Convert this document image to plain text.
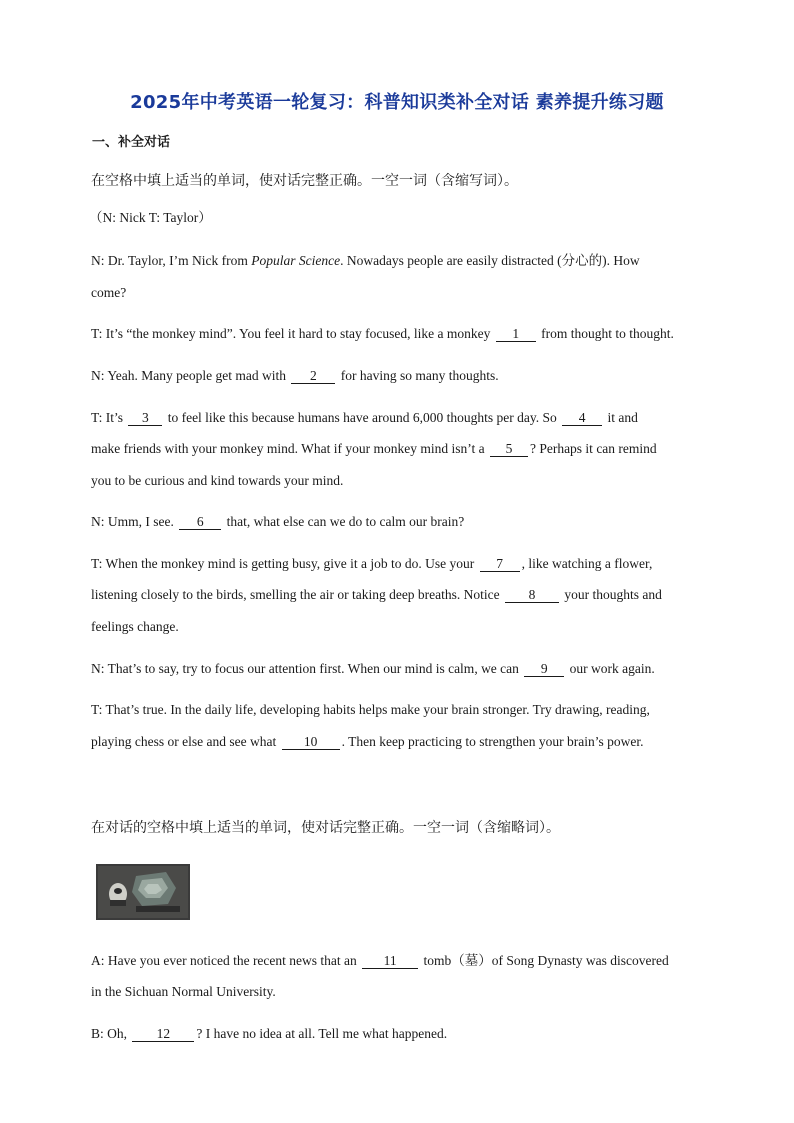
2025年中考英语一轮复习：科普知识类补全对话 素养提升练习题
一、补全对话
在空格中填上适当的单词，使对话完整正确。一空一词（含缩写词）。
（N: Nick T: Taylor）
N: Dr. Taylor, I’m Nick from Popular Science. Nowadays people are easily distracted (分心的). How
come?
T: It’s “the monkey mind”. You feel it hard to stay focused, like a monkey 1 from thought to thought.
N: Yeah. Many people get mad with 2 for having so many thoughts.
T: It’s 3 to feel like this because humans have around 6,000 thoughts per day. So 4 it and
make friends with your monkey mind. What if your monkey mind isn’t a 5 ? Perhaps it can remind
you to be curious and kind towards your mind.
N: Umm, I see. 6 that, what else can we do to calm our brain?
T: When the monkey mind is getting busy, give it a job to do. Use your 7 , like watching a flower,
listening closely to the birds, smelling the air or taking deep breaths. Notice 8 your thoughts and
feelings change.
N: That’s to say, try to focus our attention first. When our mind is calm, we can 9 our work again.
T: That’s true. In the daily life, developing habits helps make your brain stronger. Try drawing, reading,
playing chess or else and see what 10 . Then keep practicing to strengthen your brain’s power.
在对话的空格中填上适当的单词，使对话完整正确。一空一词（含缩略词）。
A: Have you ever noticed the recent news that an 11 tomb（墓）of Song Dynasty was discovered
in the Sichuan Normal University.
B: Oh, 12 ? I have no idea at all. Tell me what happened.
